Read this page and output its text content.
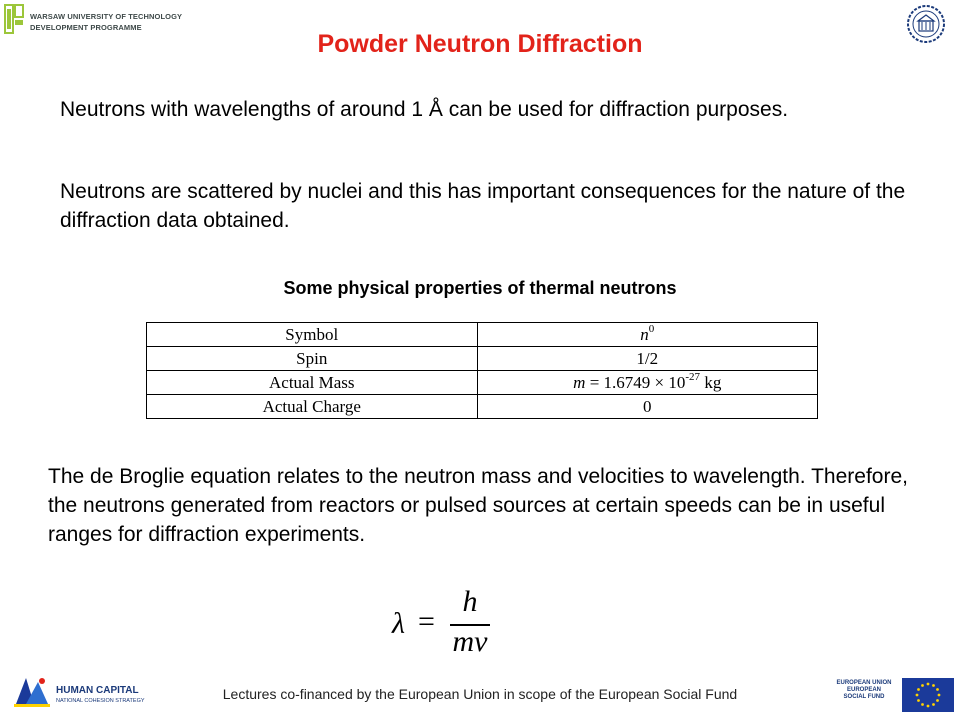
WARSAW UNIVERSITY OF TECHNOLOGY
DEVELOPMENT PROGRAMME
Powder Neutron Diffraction
Neutrons with wavelengths of around 1 Å can be used for diffraction purposes.
Neutrons are scattered by nuclei and this has important consequences for the nature of the diffraction data obtained.
Some physical properties of thermal neutrons
Symbol	$n^0$
Spin	1/2
Actual Mass	$m = 1.6749 \times 10^{-27}$ kg
Actual Charge	0
The de Broglie equation relates to the neutron mass and velocities to wavelength. Therefore, the neutrons generated from reactors or pulsed sources at certain speeds can be in useful ranges for diffraction experiments.
λ =
h
mv
HUMAN CAPITAL
NATIONAL COHESION STRATEGY	Lectures co-financed by the European Union in scope of the European Social Fund
EUROPEAN UNION
EUROPEAN
SOCIAL FUND
